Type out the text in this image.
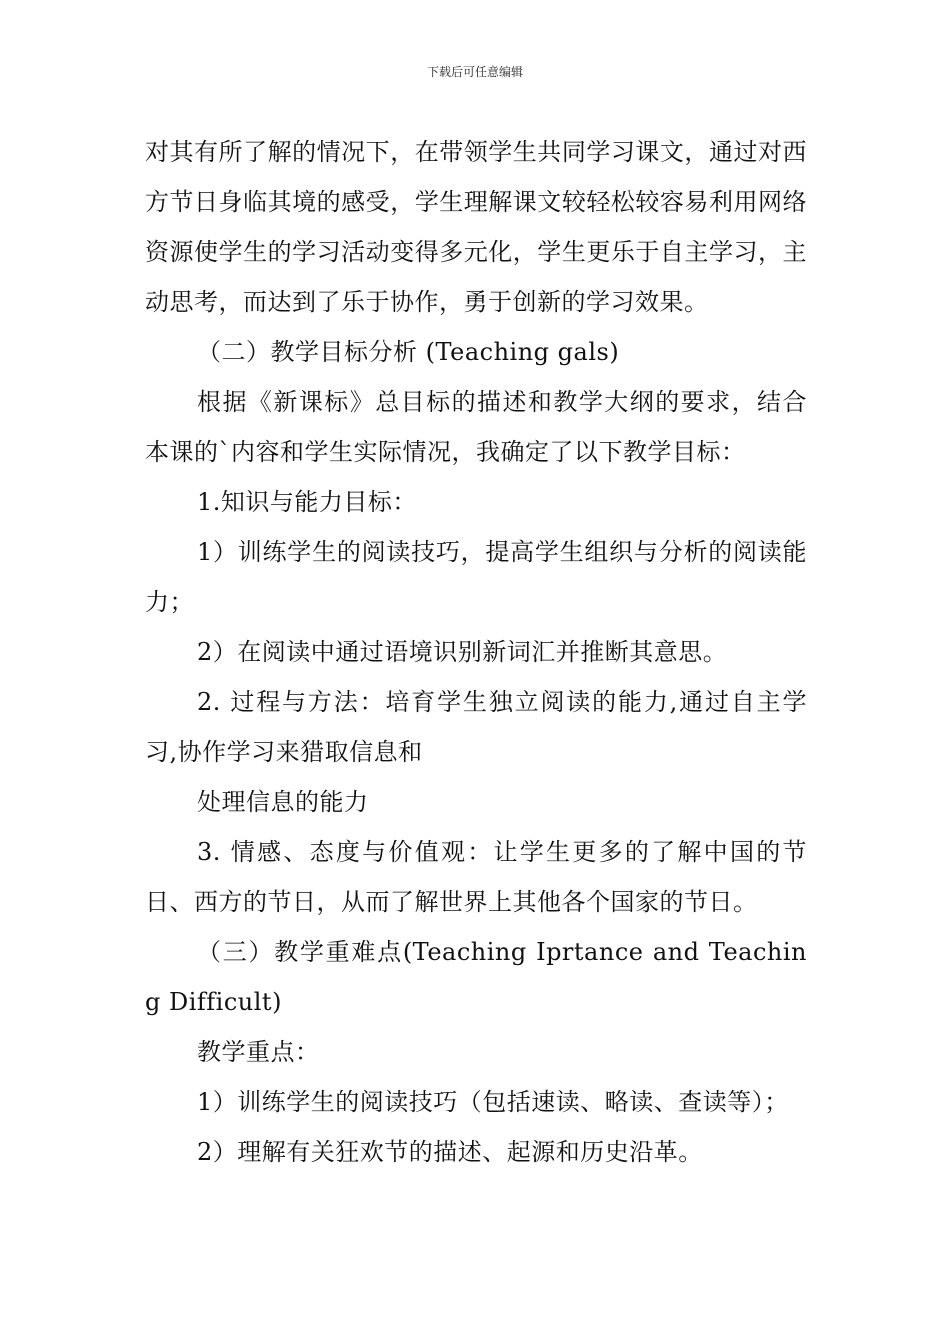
下载后可任意编辑

对其有所了解的情况下，在带领学生共同学习课文，通过对西方节日身临其境的感受，学生理解课文较轻松较容易利用网络资源使学生的学习活动变得多元化，学生更乐于自主学习，主动思考，而达到了乐于协作，勇于创新的学习效果。

（二）教学目标分析 (Teaching gals)

根据《新课标》总目标的描述和教学大纲的要求，结合本课的`内容和学生实际情况，我确定了以下教学目标：

1.知识与能力目标：

1）训练学生的阅读技巧，提高学生组织与分析的阅读能力；

2）在阅读中通过语境识别新词汇并推断其意思。

2. 过程与方法：培育学生独立阅读的能力,通过自主学习,协作学习来猎取信息和

处理信息的能力

3. 情感、态度与价值观：让学生更多的了解中国的节日、西方的节日，从而了解世界上其他各个国家的节日。

（三）教学重难点(Teaching Iprtance and Teaching Difficult)

教学重点：

1）训练学生的阅读技巧（包括速读、略读、查读等）；

2）理解有关狂欢节的描述、起源和历史沿革。
